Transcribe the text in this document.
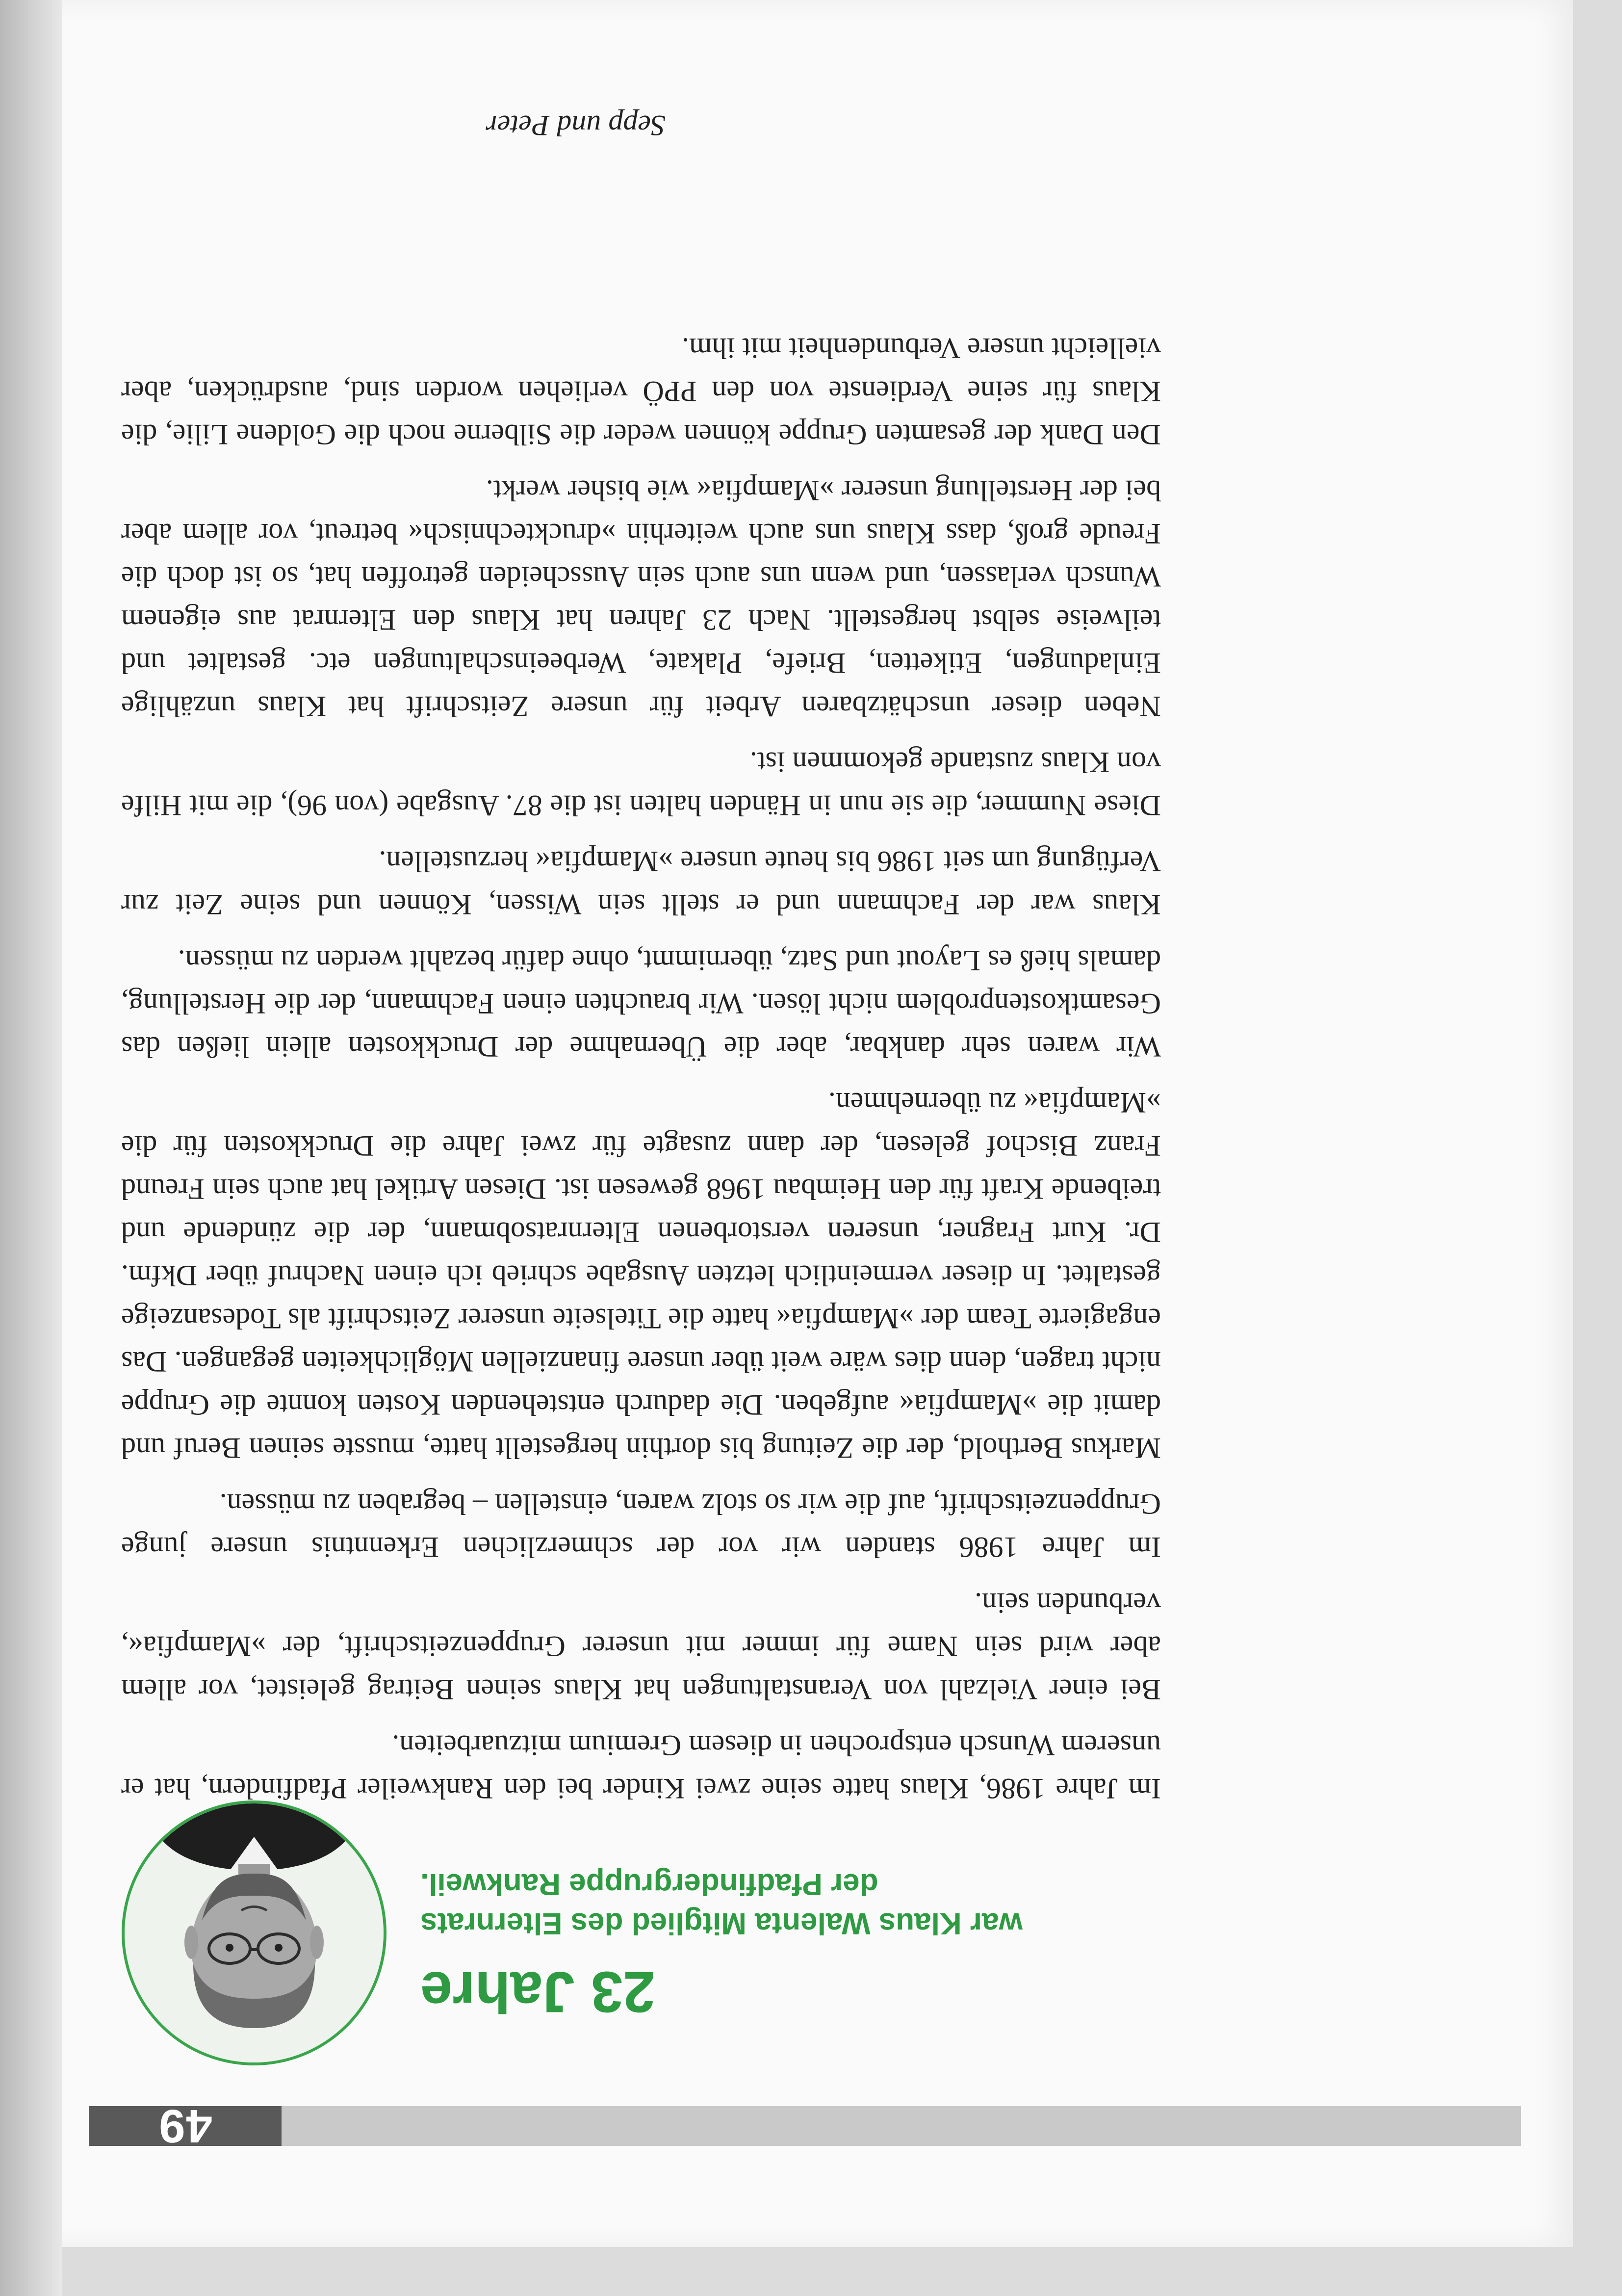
49
23 Jahre
war Klaus Walenta Mitglied des Elternrats
der Pfadfindergruppe Rankweil.

Im Jahre 1986, Klaus hatte seine zwei Kinder bei den Rankweiler Pfadfindern, hat er unserem Wunsch entsprochen in diesem Gremium mitzuarbeiten.

Bei einer Vielzahl von Veranstaltungen hat Klaus seinen Beitrag geleistet, vor allem aber wird sein Name für immer mit unserer Gruppenzeitschrift, der »Mampfia«, verbunden sein.

Im Jahre 1986 standen wir vor der schmerzlichen Erkenntnis unsere junge Gruppenzeitschrift, auf die wir so stolz waren, einstellen – begraben zu müssen.

Markus Berthold, der die Zeitung bis dorthin hergestellt hatte, musste seinen Beruf und damit die »Mampfia« aufgeben. Die dadurch entstehenden Kosten konnte die Gruppe nicht tragen, denn dies wäre weit über unsere finanziellen Möglichkeiten gegangen. Das engagierte Team der »Mampfia« hatte die Titelseite unserer Zeitschrift als Todesanzeige gestaltet. In dieser vermeintlich letzten Ausgabe schrieb ich einen Nachruf über Dkfm. Dr. Kurt Fragner, unseren verstorbenen Elternratsobmann, der die zündende und treibende Kraft für den Heimbau 1968 gewesen ist. Diesen Artikel hat auch sein Freund Franz Bischof gelesen, der dann zusagte für zwei Jahre die Druckkosten für die »Mampfia« zu übernehmen.

Wir waren sehr dankbar, aber die Übernahme der Druckkosten allein ließen das Gesamtkostenproblem nicht lösen. Wir brauchten einen Fachmann, der die Herstellung, damals hieß es Layout und Satz, übernimmt, ohne dafür bezahlt werden zu müssen.

Klaus war der Fachmann und er stellt sein Wissen, Können und seine Zeit zur Verfügung um seit 1986 bis heute unsere »Mampfia« herzustellen.

Diese Nummer, die sie nun in Händen halten ist die 87. Ausgabe (von 96), die mit Hilfe von Klaus zustande gekommen ist.

Neben dieser unschätzbaren Arbeit für unsere Zeitschrift hat Klaus unzählige Einladungen, Etiketten, Briefe, Plakate, Werbeeinschaltungen etc. gestaltet und teilweise selbst hergestellt. Nach 23 Jahren hat Klaus den Elternrat aus eigenem Wunsch verlassen, und wenn uns auch sein Ausscheiden getroffen hat, so ist doch die Freude groß, dass Klaus uns auch weiterhin »drucktechnisch« betreut, vor allem aber bei der Herstellung unserer »Mampfia« wie bisher werkt.

Den Dank der gesamten Gruppe können weder die Silberne noch die Goldene Lilie, die Klaus für seine Verdienste von den PPÖ verliehen worden sind, ausdrücken, aber vielleicht unsere Verbundenheit mit ihm.

Sepp und Peter
